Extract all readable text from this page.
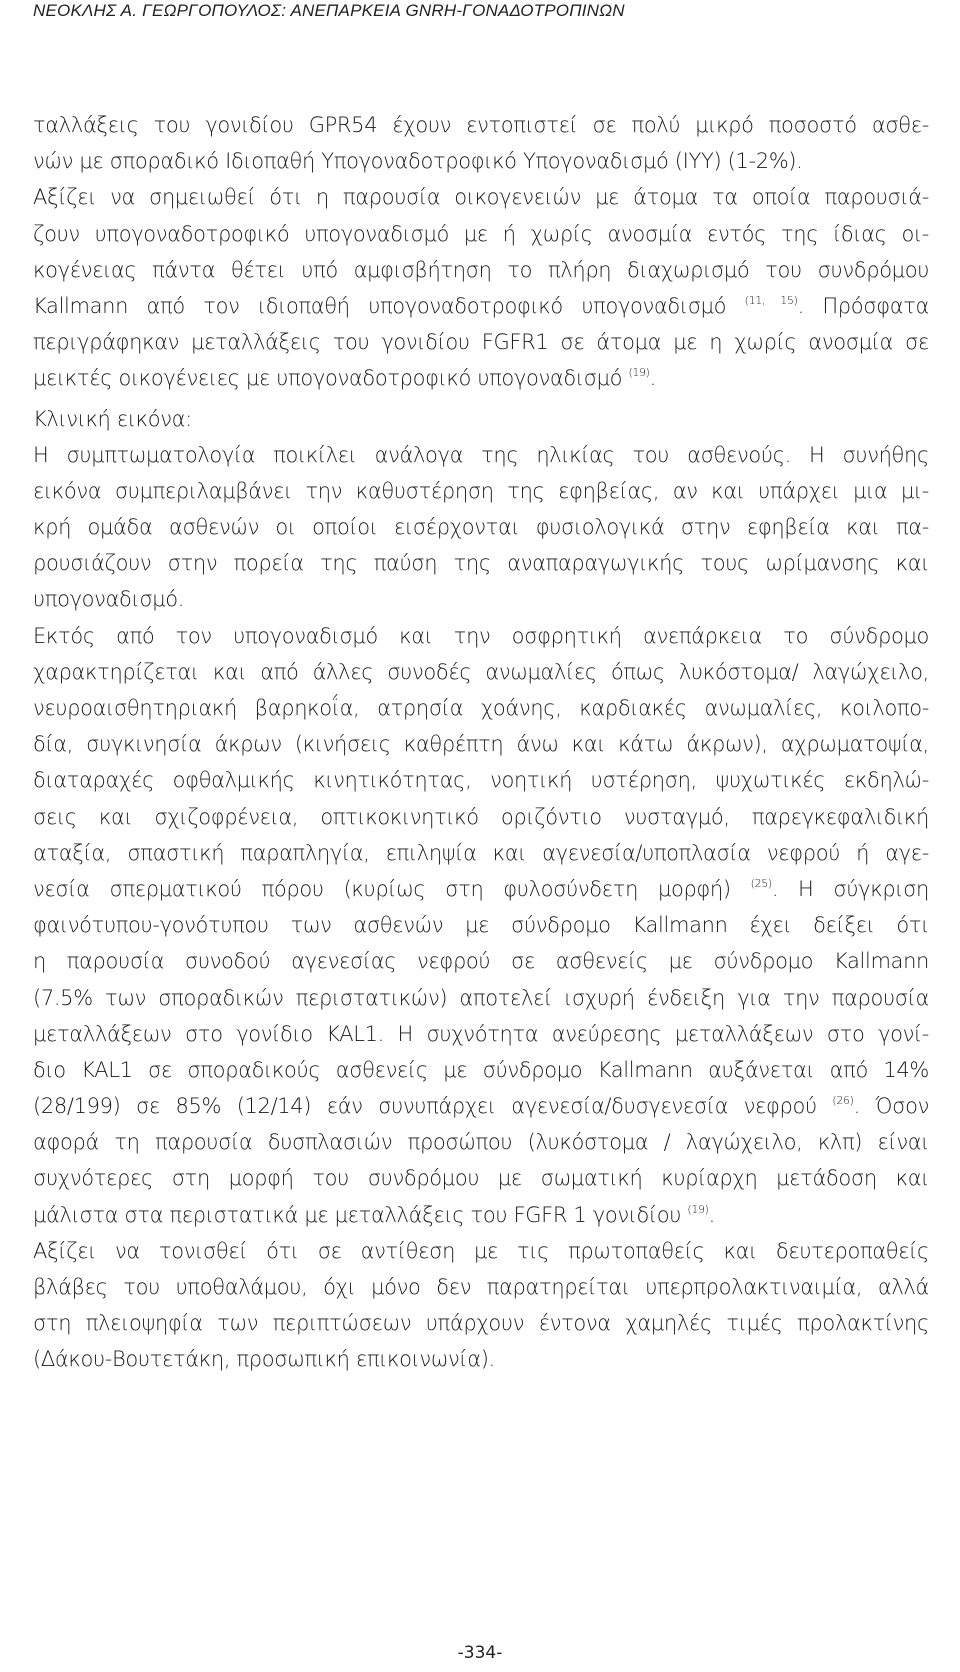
ΝΕΟΚΛΗΣ Α. ΓΕΩΡΓΟΠΟΥΛΟΣ: ΑΝΕΠΑΡΚΕΙΑ GNRH-ΓΟΝΑΔΟΤΡΟΠΙΝΩΝ
ταλλάξεις του γονιδίου GPR54 έχουν εντοπιστεί σε πολύ μικρό ποσοστό ασθε-
νών με σποραδικό Ιδιοπαθή Υπογοναδοτροφικό Υπογοναδισμό (ΙΥΥ) (1-2%).
Αξίζει να σημειωθεί ότι η παρουσία οικογενειών με άτομα τα οποία παρουσιά-
ζουν υπογοναδοτροφικό υπογοναδισμό με ή χωρίς ανοσμία εντός της ίδιας οι-
κογένειας πάντα θέτει υπό αμφισβήτηση το πλήρη διαχωρισμό του συνδρόμου
Kallmann από τον ιδιοπαθή υπογοναδοτροφικό υπογοναδισμό $^{(11, 15)}$. Πρόσφατα
περιγράφηκαν μεταλλάξεις του γονιδίου FGFR1 σε άτομα με η χωρίς ανοσμία σε
μεικτές οικογένειες με υπογοναδοτροφικό υπογοναδισμό $^{(19)}$.
Κλινική εικόνα:
Η συμπτωματολογία ποικίλει ανάλογα της ηλικίας του ασθενούς. Η συνήθης
εικόνα συμπεριλαμβάνει την καθυστέρηση της εφηβείας, αν και υπάρχει μια μι-
κρή ομάδα ασθενών οι οποίοι εισέρχονται φυσιολογικά στην εφηβεία και πα-
ρουσιάζουν στην πορεία της παύση της αναπαραγωγικής τους ωρίμανσης και
υπογοναδισμό.
Εκτός από τον υπογοναδισμό και την οσφρητική ανεπάρκεια το σύνδρομο
χαρακτηρίζεται και από άλλες συνοδές ανωμαλίες όπως λυκόστομα/ λαγώχειλο,
νευροαισθητηριακή βαρηκοΐα, ατρησία χοάνης, καρδιακές ανωμαλίες, κοιλοπο-
δία, συγκινησία άκρων (κινήσεις καθρέπτη άνω και κάτω άκρων), αχρωματοψία,
διαταραχές οφθαλμικής κινητικότητας, νοητική υστέρηση, ψυχωτικές εκδηλώ-
σεις και σχιζοφρένεια, οπτικοκινητικό οριζόντιο νυσταγμό, παρεγκεφαλιδική
αταξία, σπαστική παραπληγία, επιληψία και αγενεσία/υποπλασία νεφρού ή αγε-
νεσία σπερματικού πόρου (κυρίως στη φυλοσύνδετη μορφή) $^{(25)}$. Η σύγκριση
φαινότυπου-γονότυπου των ασθενών με σύνδρομο Kallmann έχει δείξει ότι
η παρουσία συνοδού αγενεσίας νεφρού σε ασθενείς με σύνδρομο Kallmann
(7.5% των σποραδικών περιστατικών) αποτελεί ισχυρή ένδειξη για την παρουσία
μεταλλάξεων στο γονίδιο KAL1. Η συχνότητα ανεύρεσης μεταλλάξεων στο γονί-
διο KAL1 σε σποραδικούς ασθενείς με σύνδρομο Kallmann αυξάνεται από 14%
(28/199) σε 85% (12/14) εάν συνυπάρχει αγενεσία/δυσγενεσία νεφρού $^{(26)}$. Όσον
αφορά τη παρουσία δυσπλασιών προσώπου (λυκόστομα / λαγώχειλο, κλπ) είναι
συχνότερες στη μορφή του συνδρόμου με σωματική κυρίαρχη μετάδοση και
μάλιστα στα περιστατικά με μεταλλάξεις του FGFR 1 γονιδίου $^{(19)}$.
Αξίζει να τονισθεί ότι σε αντίθεση με τις πρωτοπαθείς και δευτεροπαθείς
βλάβες του υποθαλάμου, όχι μόνο δεν παρατηρείται υπερπρολακτιναιμία, αλλά
στη πλειοψηφία των περιπτώσεων υπάρχουν έντονα χαμηλές τιμές προλακτίνης
(Δάκου-Βουτετάκη, προσωπική επικοινωνία).
-334-
